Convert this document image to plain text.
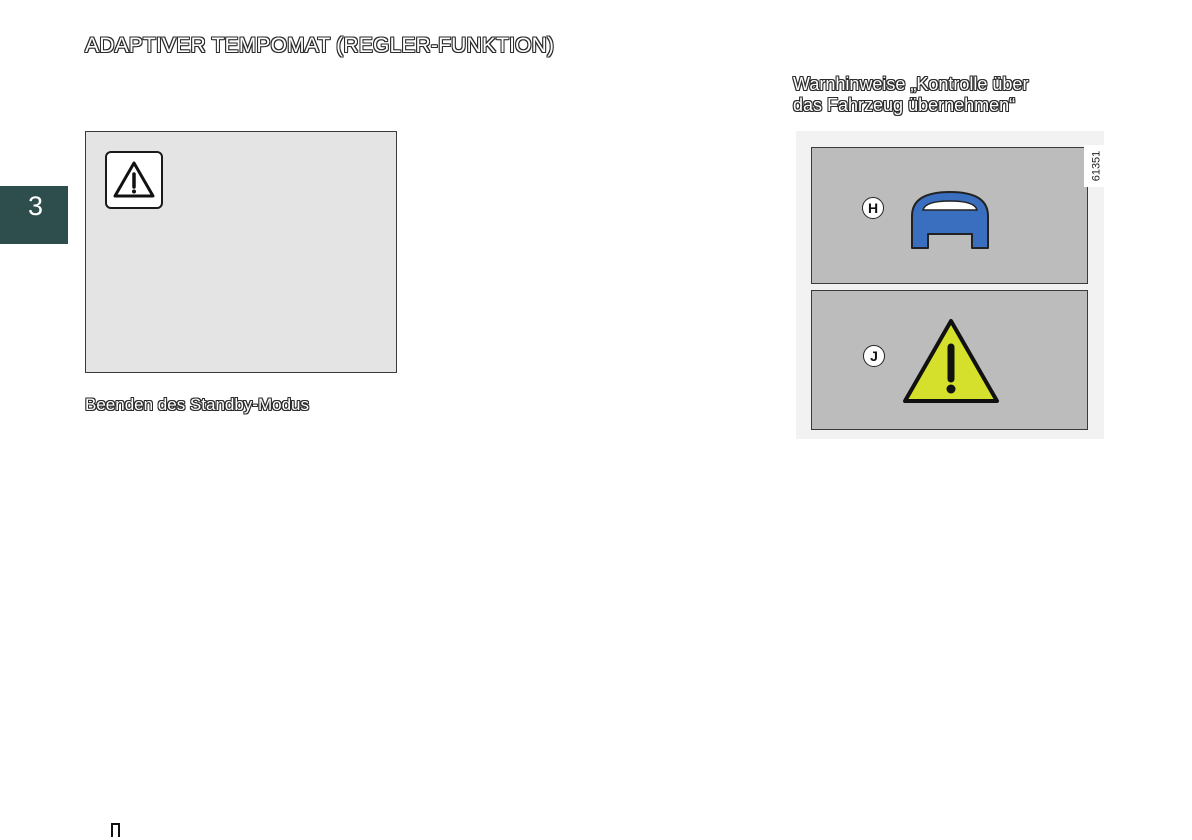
ADAPTIVER TEMPOMAT (REGLER-FUNKTION)
3
Beenden des Standby-Modus
Warnhinweise „Kontrolle über
das Fahrzeug übernehmen“
H
J
61351
